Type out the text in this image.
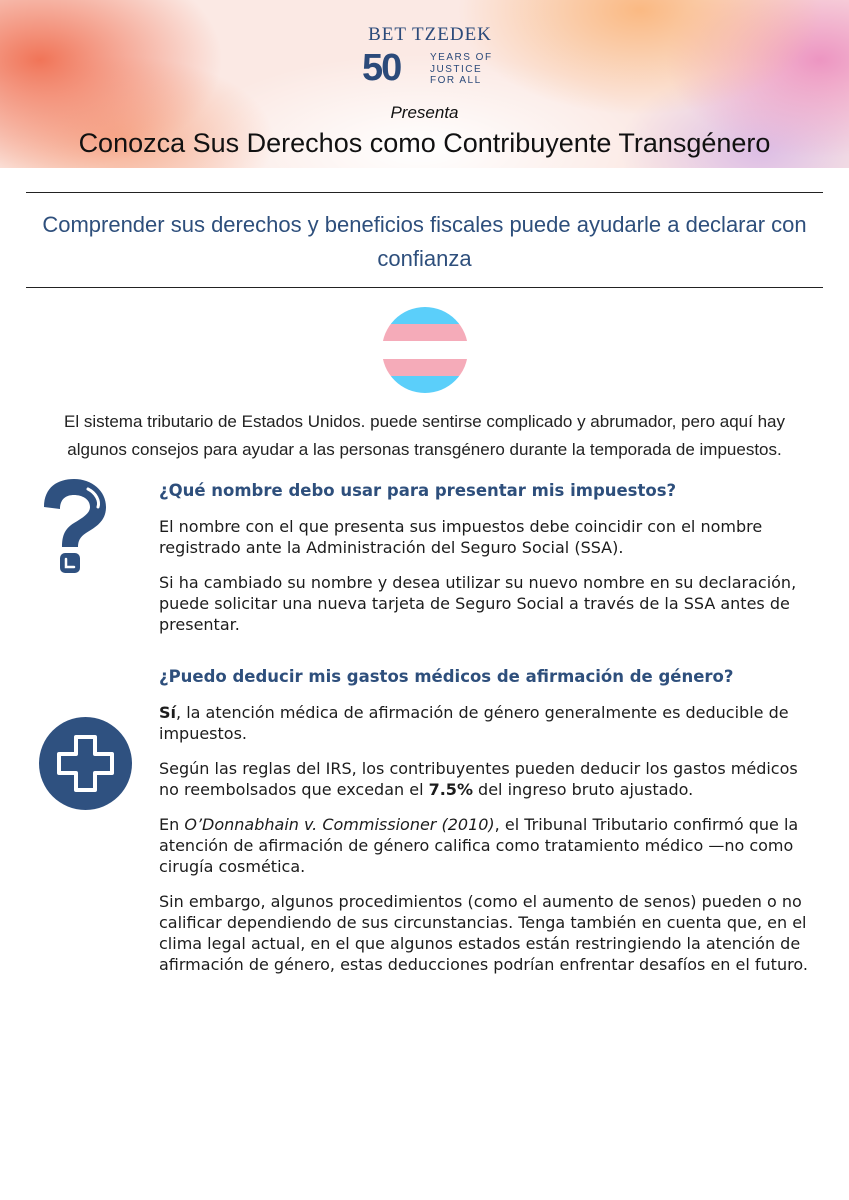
BET TZEDEK
50	YEARS OF
JUSTICE
FOR ALL
Presenta
Conozca Sus Derechos como Contribuyente Transgénero
Comprender sus derechos y beneficios fiscales puede ayudarle a declarar con confianza
El sistema tributario de Estados Unidos. puede sentirse complicado y abrumador, pero aquí hay algunos consejos para ayudar a las personas transgénero durante la temporada de impuestos.
¿Qué nombre debo usar para presentar mis impuestos?

El nombre con el que presenta sus impuestos debe coincidir con el nombre registrado ante la Administración del Seguro Social (SSA).

Si ha cambiado su nombre y desea utilizar su nuevo nombre en su declaración, puede solicitar una nueva tarjeta de Seguro Social a través de la SSA antes de presentar.

¿Puedo deducir mis gastos médicos de afirmación de género?

Sí, la atención médica de afirmación de género generalmente es deducible de impuestos.

Según las reglas del IRS, los contribuyentes pueden deducir los gastos médicos no reembolsados que excedan el 7.5% del ingreso bruto ajustado.

En O’Donnabhain v. Commissioner (2010), el Tribunal Tributario confirmó que la atención de afirmación de género califica como tratamiento médico —no como cirugía cosmética.

Sin embargo, algunos procedimientos (como el aumento de senos) pueden o no calificar dependiendo de sus circunstancias. Tenga también en cuenta que, en el clima legal actual, en el que algunos estados están restringiendo la atención de afirmación de género, estas deducciones podrían enfrentar desafíos en el futuro.
